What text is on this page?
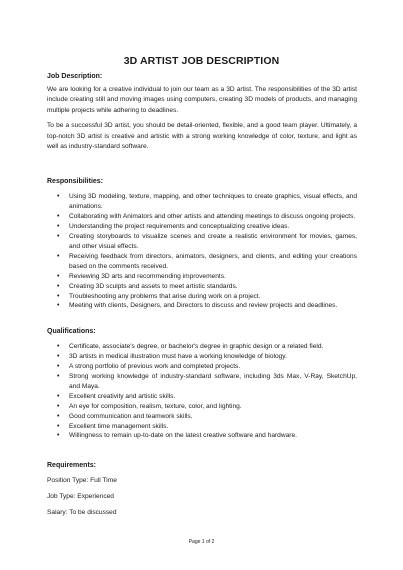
3D ARTIST JOB DESCRIPTION
Job Description:

We are looking for a creative individual to join our team as a 3D artist. The responsibilities of the 3D artist include creating still and moving images using computers, creating 3D models of products, and managing multiple projects while adhering to deadlines.

To be a successful 3D artist, you should be detail-oriented, flexible, and a good team player. Ultimately, a top-notch 3D artist is creative and artistic with a strong working knowledge of color, texture, and light as well as industry-standard software.

Responsibilities:
• Using 3D modeling, texture, mapping, and other techniques to create graphics, visual effects, and animations.
• Collaborating with Animators and other artists and attending meetings to discuss ongoing projects.
• Understanding the project requirements and conceptualizing creative ideas.
• Creating storyboards to visualize scenes and create a realistic environment for movies, games, and other visual effects.
• Receiving feedback from directors, animators, designers, and clients, and editing your creations based on the comments received.
• Reviewing 3D arts and recommending improvements.
• Creating 3D sculpts and assets to meet artistic standards.
• Troubleshooting any problems that arise during work on a project.
• Meeting with clients, Designers, and Directors to discuss and review projects and deadlines.
Qualifications:
• Certificate, associate's degree, or bachelor's degree in graphic design or a related field.
• 3D artists in medical illustration must have a working knowledge of biology.
• A strong portfolio of previous work and completed projects.
• Strong working knowledge of industry-standard software, including 3ds Max, V-Ray, SketchUp, and Maya.
• Excellent creativity and artistic skills.
• An eye for composition, realism, texture, color, and lighting.
• Good communication and teamwork skills.
• Excellent time management skills.
• Willingness to remain up-to-date on the latest creative software and hardware.
Requirements:
Position Type: Full Time
Job Type: Experienced
Salary: To be discussed
Page 1 of 2
